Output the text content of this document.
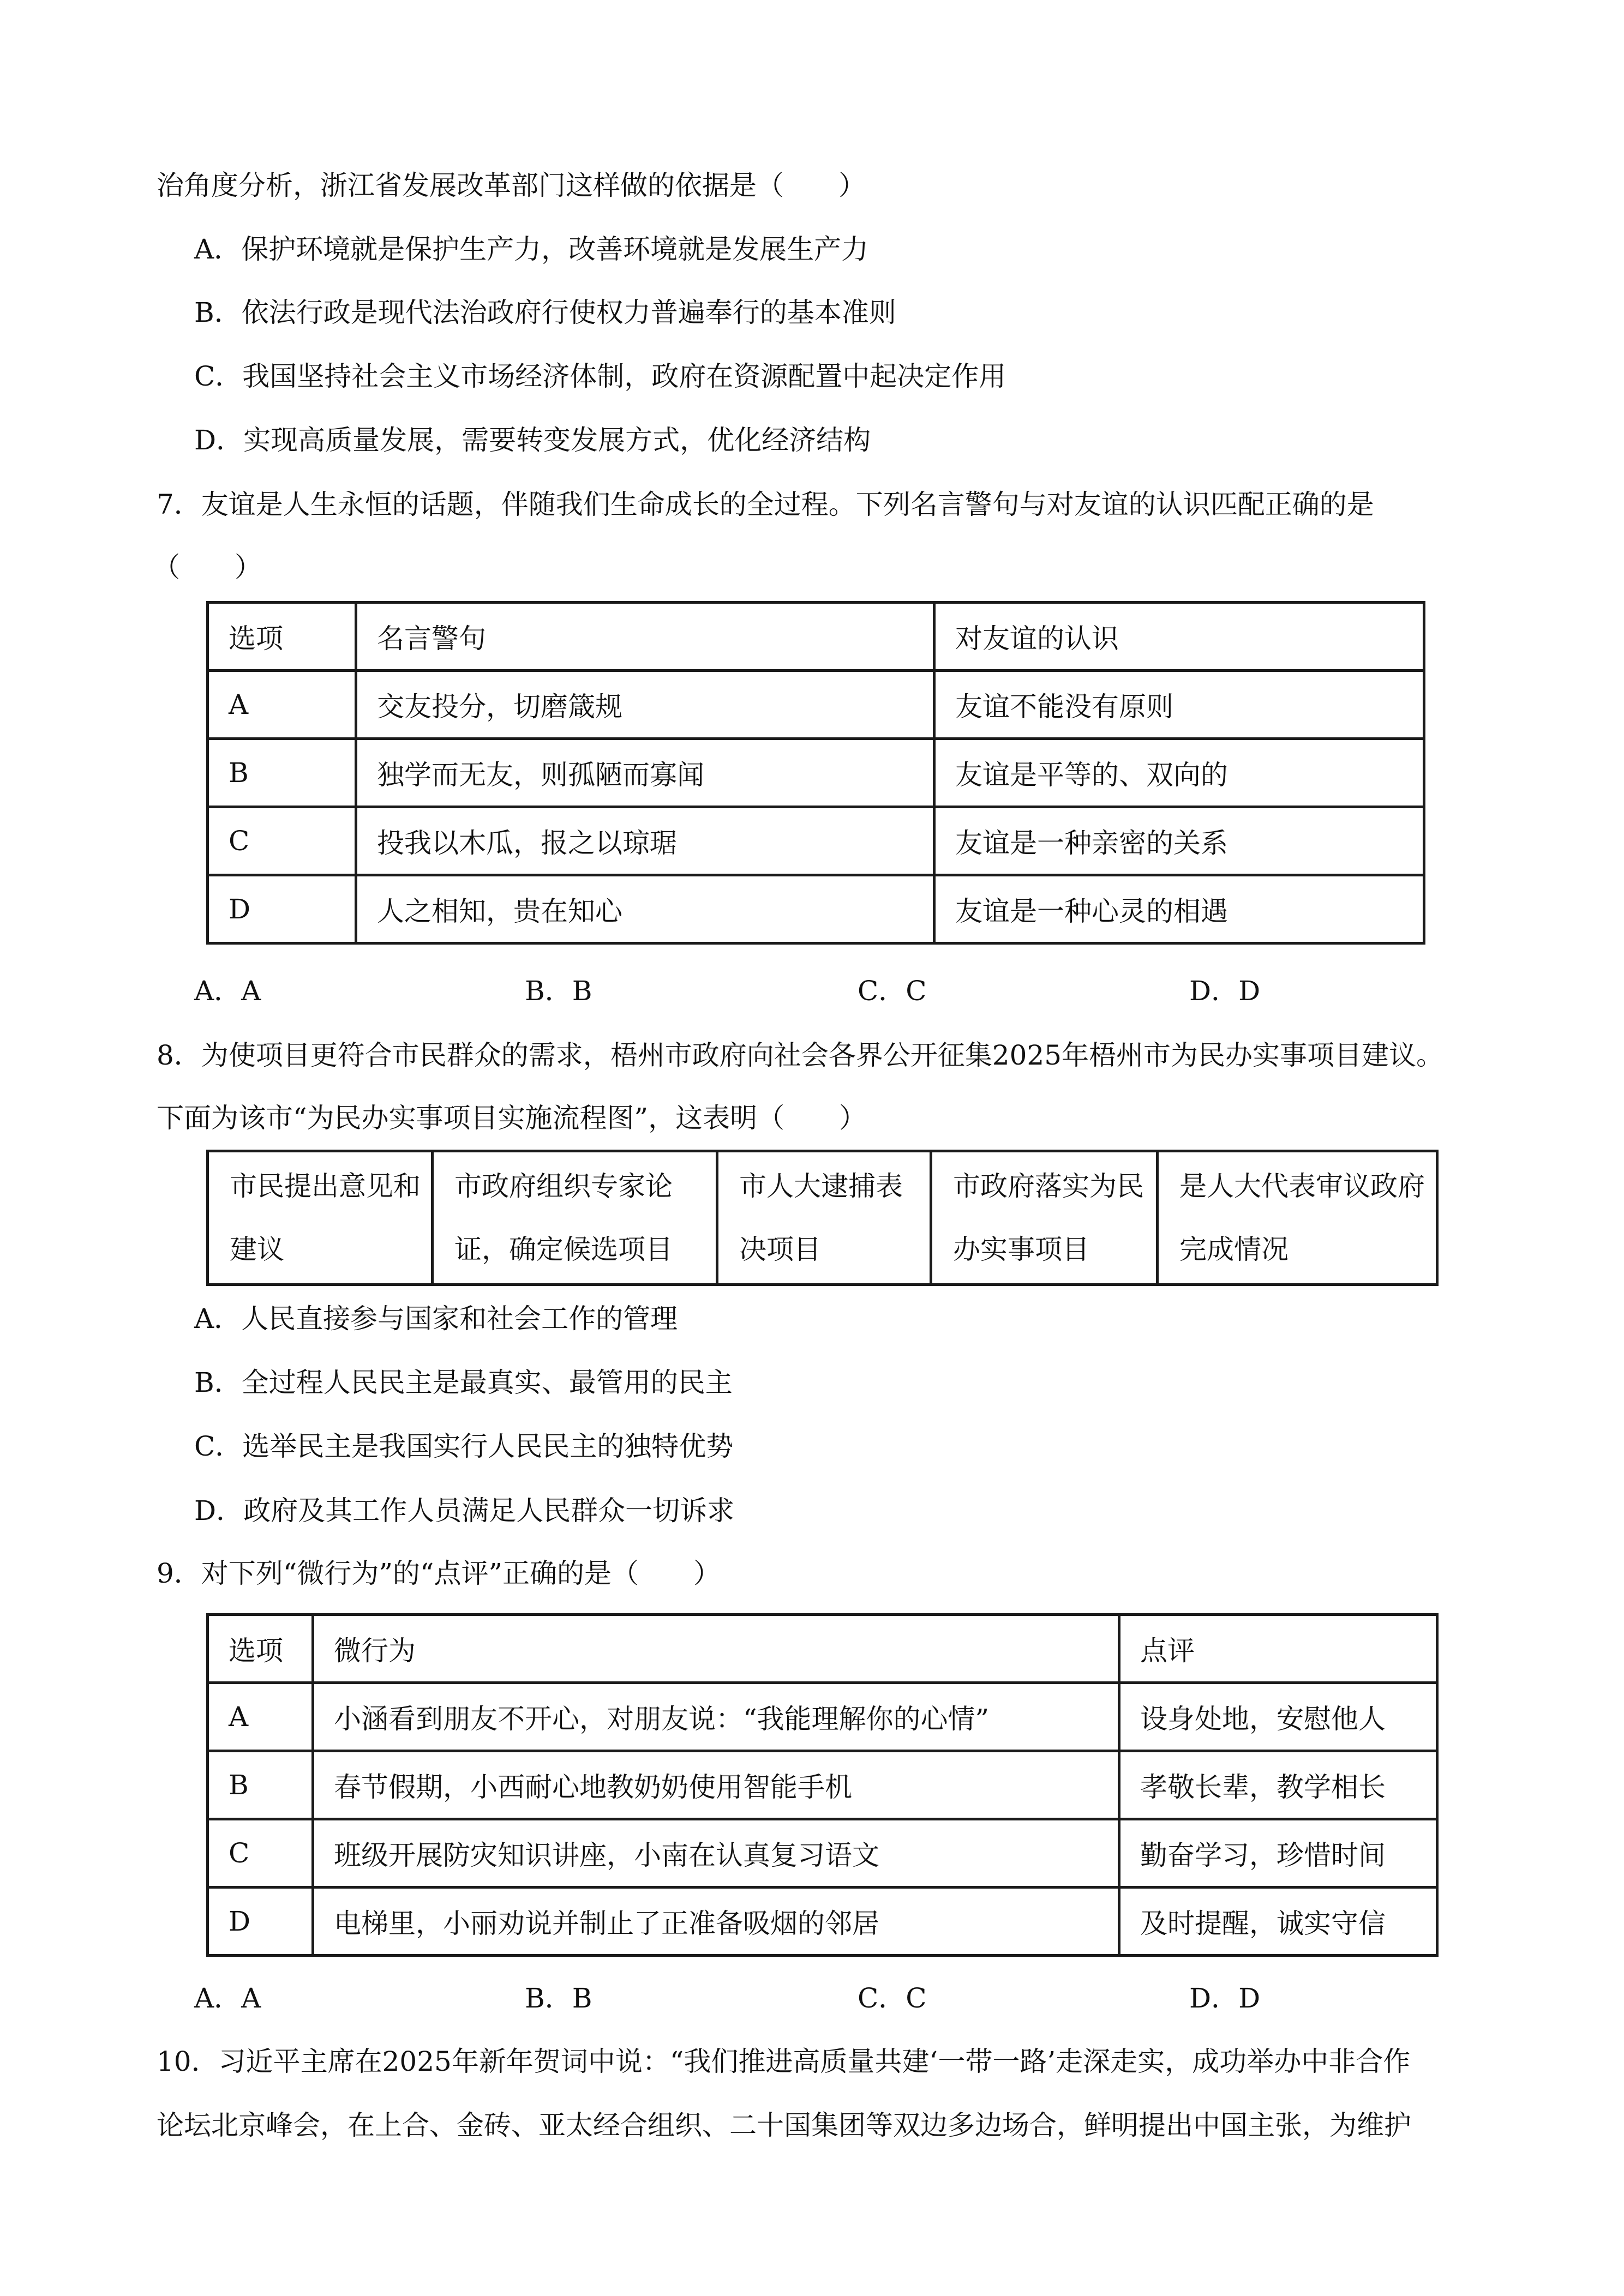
治角度分析，浙江省发展改革部门这样做的依据是（　　）
A．保护环境就是保护生产力，改善环境就是发展生产力
B．依法行政是现代法治政府行使权力普遍奉行的基本准则
C．我国坚持社会主义市场经济体制，政府在资源配置中起决定作用
D．实现高质量发展，需要转变发展方式，优化经济结构
7．友谊是人生永恒的话题，伴随我们生命成长的全过程。下列名言警句与对友谊的认识匹配正确的是
（　　）
选项	名言警句	对友谊的认识
A	交友投分，切磨箴规	友谊不能没有原则
B	独学而无友，则孤陋而寡闻	友谊是平等的、双向的
C	投我以木瓜，报之以琼琚	友谊是一种亲密的关系
D	人之相知，贵在知心	友谊是一种心灵的相遇
A．A	B．B	C．C	D．D
8．为使项目更符合市民群众的需求，梧州市政府向社会各界公开征集2025年梧州市为民办实事项目建议。
下面为该市“为民办实事项目实施流程图”，这表明（　　）
市民提出意见和建议	市政府组织专家论证，确定候选项目	市人大逮捕表决项目	市政府落实为民办实事项目	是人大代表审议政府完成情况
A．人民直接参与国家和社会工作的管理
B．全过程人民民主是最真实、最管用的民主
C．选举民主是我国实行人民民主的独特优势
D．政府及其工作人员满足人民群众一切诉求
9．对下列“微行为”的“点评”正确的是（　　）
选项	微行为	点评
A	小涵看到朋友不开心，对朋友说：“我能理解你的心情”	设身处地，安慰他人
B	春节假期，小西耐心地教奶奶使用智能手机	孝敬长辈，教学相长
C	班级开展防灾知识讲座，小南在认真复习语文	勤奋学习，珍惜时间
D	电梯里，小丽劝说并制止了正准备吸烟的邻居	及时提醒，诚实守信
A．A	B．B	C．C	D．D
10．习近平主席在2025年新年贺词中说：“我们推进高质量共建‘一带一路’走深走实，成功举办中非合作
论坛北京峰会，在上合、金砖、亚太经合组织、二十国集团等双边多边场合，鲜明提出中国主张，为维护
